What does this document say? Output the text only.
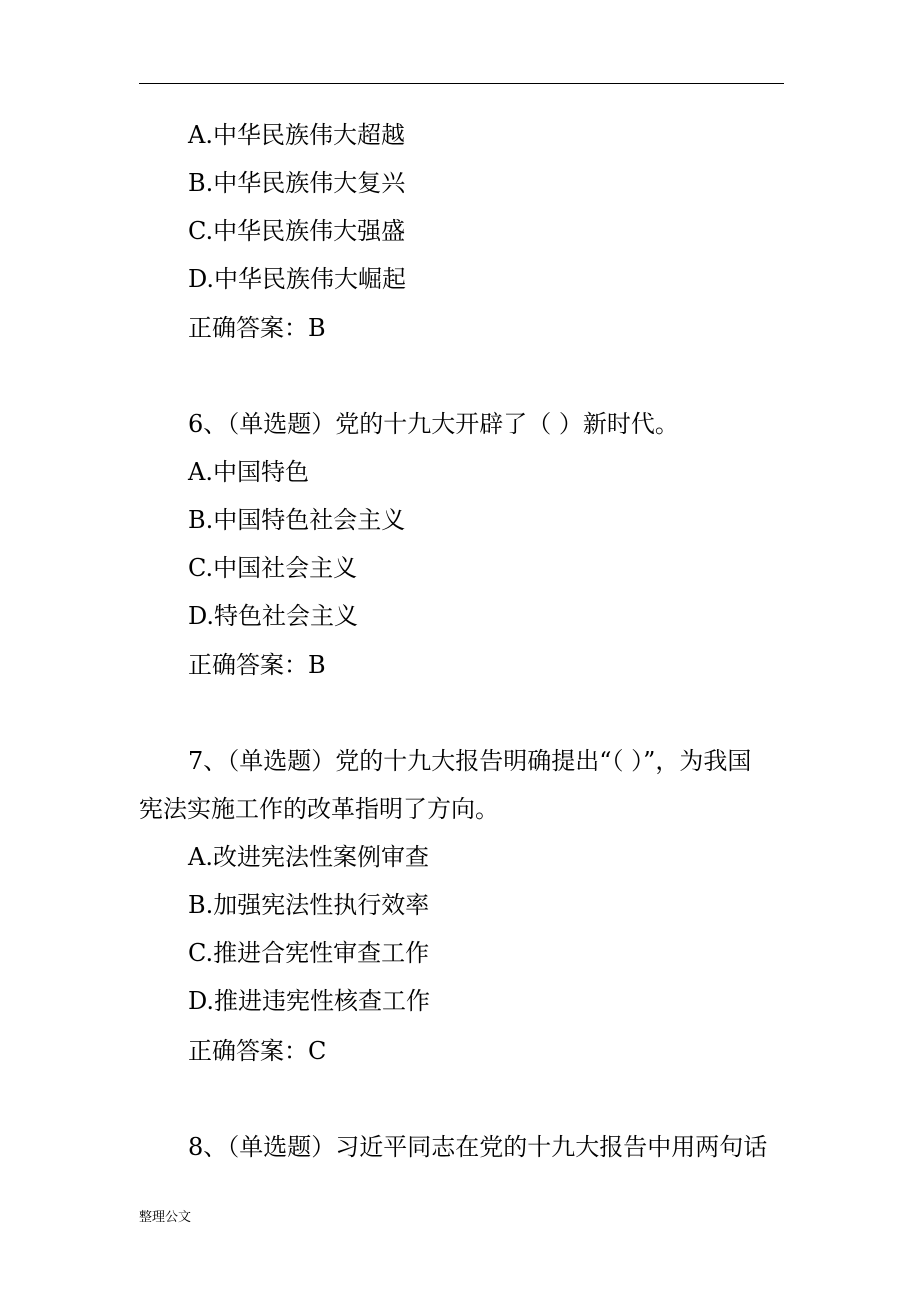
A.中华民族伟大超越
B.中华民族伟大复兴
C.中华民族伟大强盛
D.中华民族伟大崛起
正确答案：B
6、（单选题）党的十九大开辟了（ ）新时代。
A.中国特色
B.中国特色社会主义
C.中国社会主义
D.特色社会主义
正确答案：B
7、（单选题）党的十九大报告明确提出“（ ）”，为我国
宪法实施工作的改革指明了方向。
A.改进宪法性案例审查
B.加强宪法性执行效率
C.推进合宪性审查工作
D.推进违宪性核查工作
正确答案：C
8、（单选题）习近平同志在党的十九大报告中用两句话
整理公文
